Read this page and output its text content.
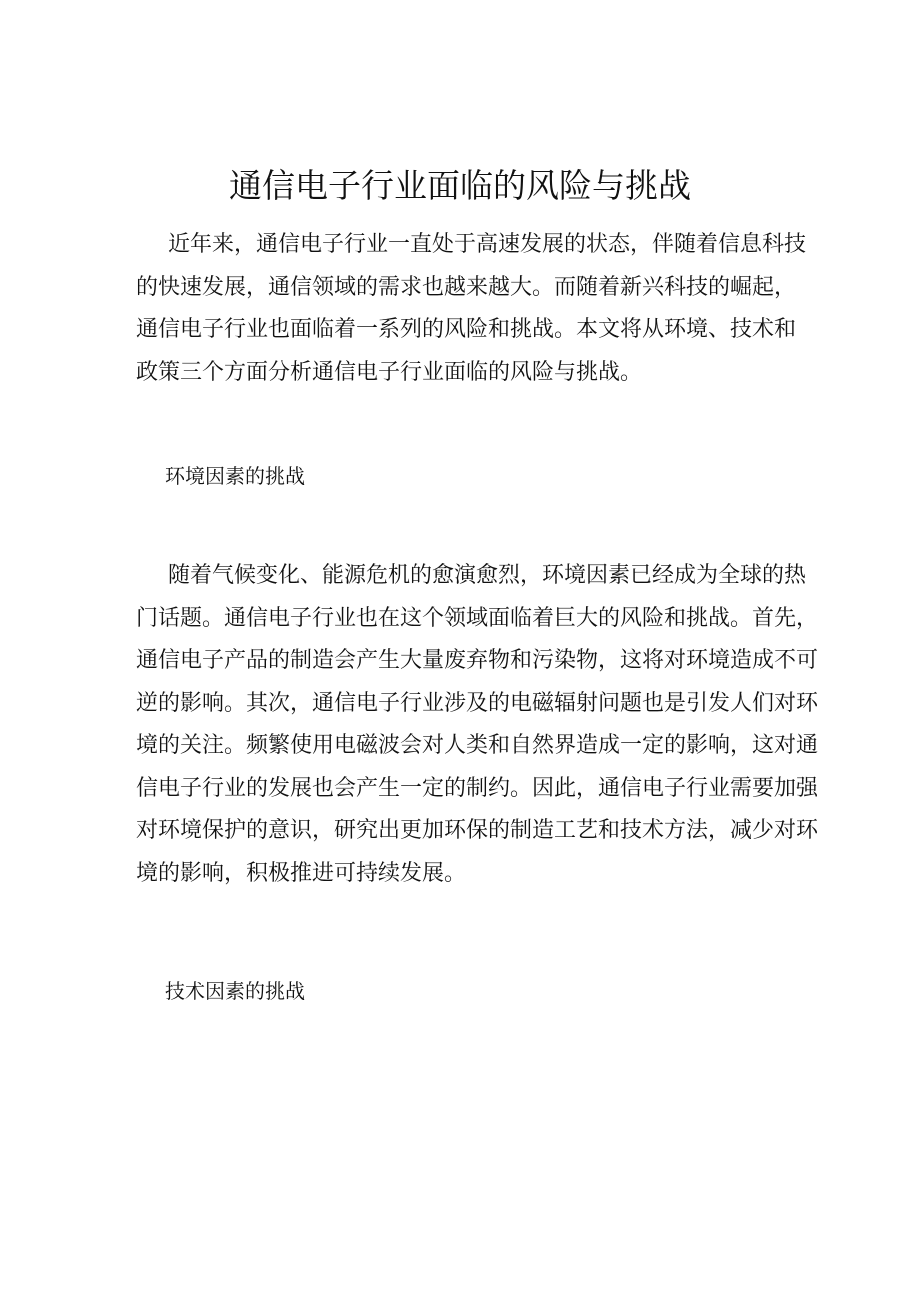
通信电子行业面临的风险与挑战
近年来，通信电子行业一直处于高速发展的状态，伴随着信息科技
的快速发展，通信领域的需求也越来越大。而随着新兴科技的崛起，
通信电子行业也面临着一系列的风险和挑战。本文将从环境、技术和
政策三个方面分析通信电子行业面临的风险与挑战。
环境因素的挑战
随着气候变化、能源危机的愈演愈烈，环境因素已经成为全球的热
门话题。通信电子行业也在这个领域面临着巨大的风险和挑战。首先，
通信电子产品的制造会产生大量废弃物和污染物，这将对环境造成不可
逆的影响。其次，通信电子行业涉及的电磁辐射问题也是引发人们对环
境的关注。频繁使用电磁波会对人类和自然界造成一定的影响，这对通
信电子行业的发展也会产生一定的制约。因此，通信电子行业需要加强
对环境保护的意识，研究出更加环保的制造工艺和技术方法，减少对环
境的影响，积极推进可持续发展。
技术因素的挑战
